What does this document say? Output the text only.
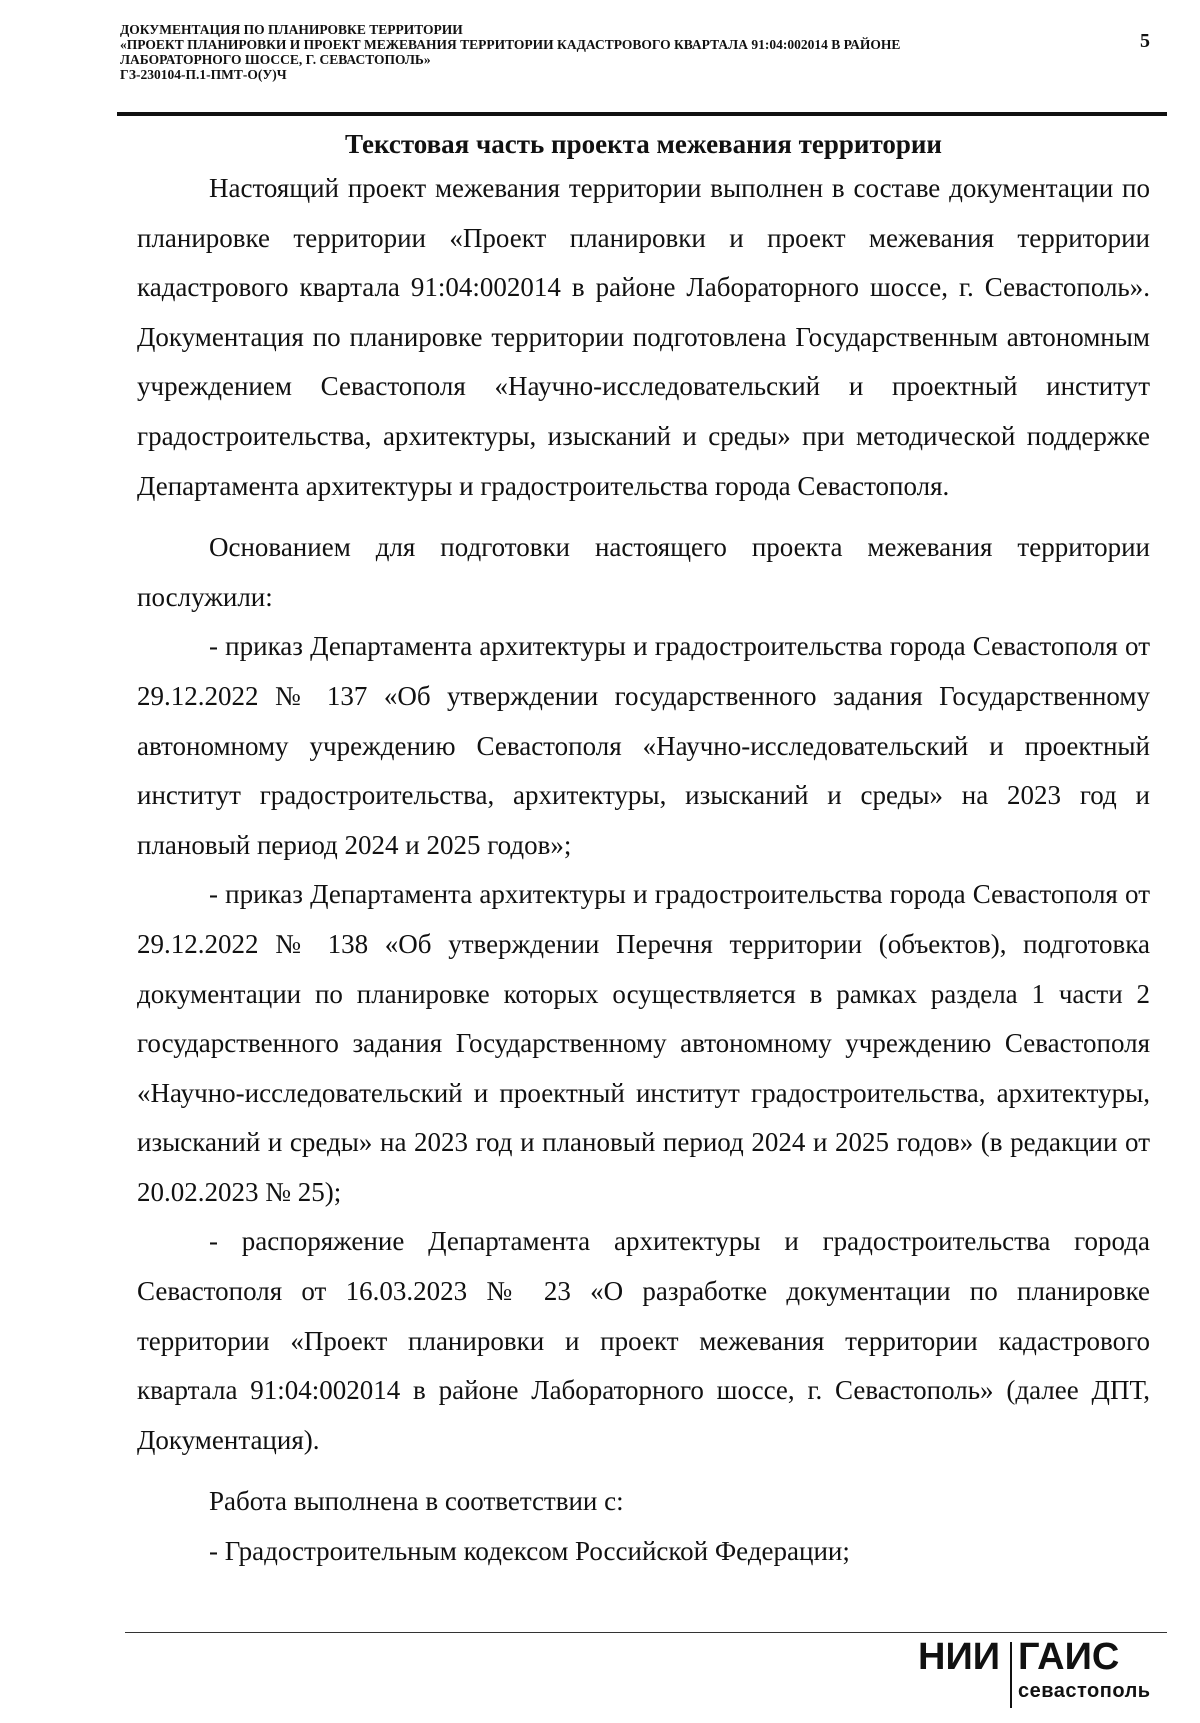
ДОКУМЕНТАЦИЯ ПО ПЛАНИРОВКЕ ТЕРРИТОРИИ
«ПРОЕКТ ПЛАНИРОВКИ И ПРОЕКТ МЕЖЕВАНИЯ ТЕРРИТОРИИ КАДАСТРОВОГО КВАРТАЛА 91:04:002014 В РАЙОНЕ
ЛАБОРАТОРНОГО ШОССЕ, Г. СЕВАСТОПОЛЬ»
ГЗ-230104-П.1-ПМТ-О(У)Ч
5

Текстовая часть проекта межевания территории

Настоящий проект межевания территории выполнен в составе документации по планировке территории «Проект планировки и проект межевания территории кадастрового квартала 91:04:002014 в районе Лабораторного шоссе, г. Севастополь». Документация по планировке территории подготовлена Государственным автономным учреждением Севастополя «Научно-исследовательский и проектный институт градостроительства, архитектуры, изысканий и среды» при методической поддержке Департамента архитектуры и градостроительства города Севастополя.

Основанием для подготовки настоящего проекта межевания территории послужили:

- приказ Департамента архитектуры и градостроительства города Севастополя от 29.12.2022 № 137 «Об утверждении государственного задания Государственному автономному учреждению Севастополя «Научно-исследовательский и проектный институт градостроительства, архитектуры, изысканий и среды» на 2023 год и плановый период 2024 и 2025 годов»;

- приказ Департамента архитектуры и градостроительства города Севастополя от 29.12.2022 № 138 «Об утверждении Перечня территории (объектов), подготовка документации по планировке которых осуществляется в рамках раздела 1 части 2 государственного задания Государственному автономному учреждению Севастополя «Научно-исследовательский и проектный институт градостроительства, архитектуры, изысканий и среды» на 2023 год и плановый период 2024 и 2025 годов» (в редакции от 20.02.2023 № 25);

- распоряжение Департамента архитектуры и градостроительства города Севастополя от 16.03.2023 № 23 «О разработке документации по планировке территории «Проект планировки и проект межевания территории кадастрового квартала 91:04:002014 в районе Лабораторного шоссе, г. Севастополь» (далее ДПТ, Документация).

Работа выполнена в соответствии с:

- Градостроительным кодексом Российской Федерации;

НИИ ГАИС
севастополь
